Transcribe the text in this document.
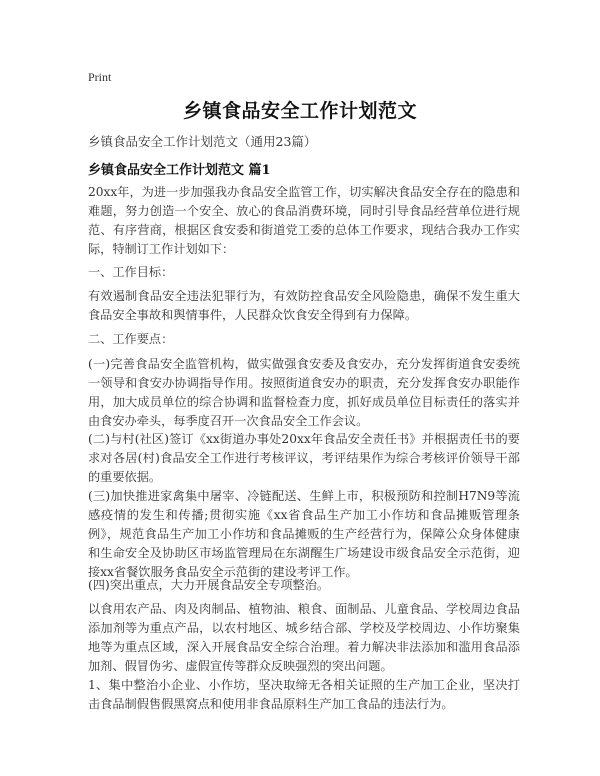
Print
乡镇食品安全工作计划范文
乡镇食品安全工作计划范文（通用23篇）
乡镇食品安全工作计划范文 篇1

20xx年，为进一步加强我办食品安全监管工作，切实解决食品安全存在的隐患和难题，努力创造一个安全、放心的食品消费环境，同时引导食品经营单位进行规范、有序营商，根据区食安委和街道党工委的总体工作要求，现结合我办工作实际，特制订工作计划如下：

一、工作目标：

有效遏制食品安全违法犯罪行为，有效防控食品安全风险隐患，确保不发生重大食品安全事故和舆情事件，人民群众饮食安全得到有力保障。

二、工作要点：

(一)完善食品安全监管机构，做实做强食安委及食安办，充分发挥街道食安委统一领导和食安办协调指导作用。按照街道食安办的职责，充分发挥食安办职能作用，加大成员单位的综合协调和监督检查力度，抓好成员单位目标责任的落实并由食安办牵头，每季度召开一次食品安全工作会议。

(二)与村(社区)签订《xx街道办事处20xx年食品安全责任书》并根据责任书的要求对各居(村)食品安全工作进行考核评议，考评结果作为综合考核评价领导干部的重要依据。

(三)加快推进家禽集中屠宰、冷链配送、生鲜上市，积极预防和控制H7N9等流感疫情的发生和传播;贯彻实施《xx省食品生产加工小作坊和食品摊贩管理条例》，规范食品生产加工小作坊和食品摊贩的生产经营行为，保障公众身体健康和生命安全及协助区市场监管理局在东湖醒生广场建设市级食品安全示范街，迎接xx省餐饮服务食品安全示范街的建设考评工作。

(四)突出重点，大力开展食品安全专项整治。

以食用农产品、肉及肉制品、植物油、粮食、面制品、儿童食品、学校周边食品添加剂等为重点产品，以农村地区、城乡结合部、学校及学校周边、小作坊聚集地等为重点区域，深入开展食品安全综合治理。着力解决非法添加和滥用食品添加剂、假冒伪劣、虚假宣传等群众反映强烈的突出问题。

1、集中整治小企业、小作坊，坚决取缔无各相关证照的生产加工企业，坚决打击食品制假售假黑窝点和使用非食品原料生产加工食品的违法行为。
